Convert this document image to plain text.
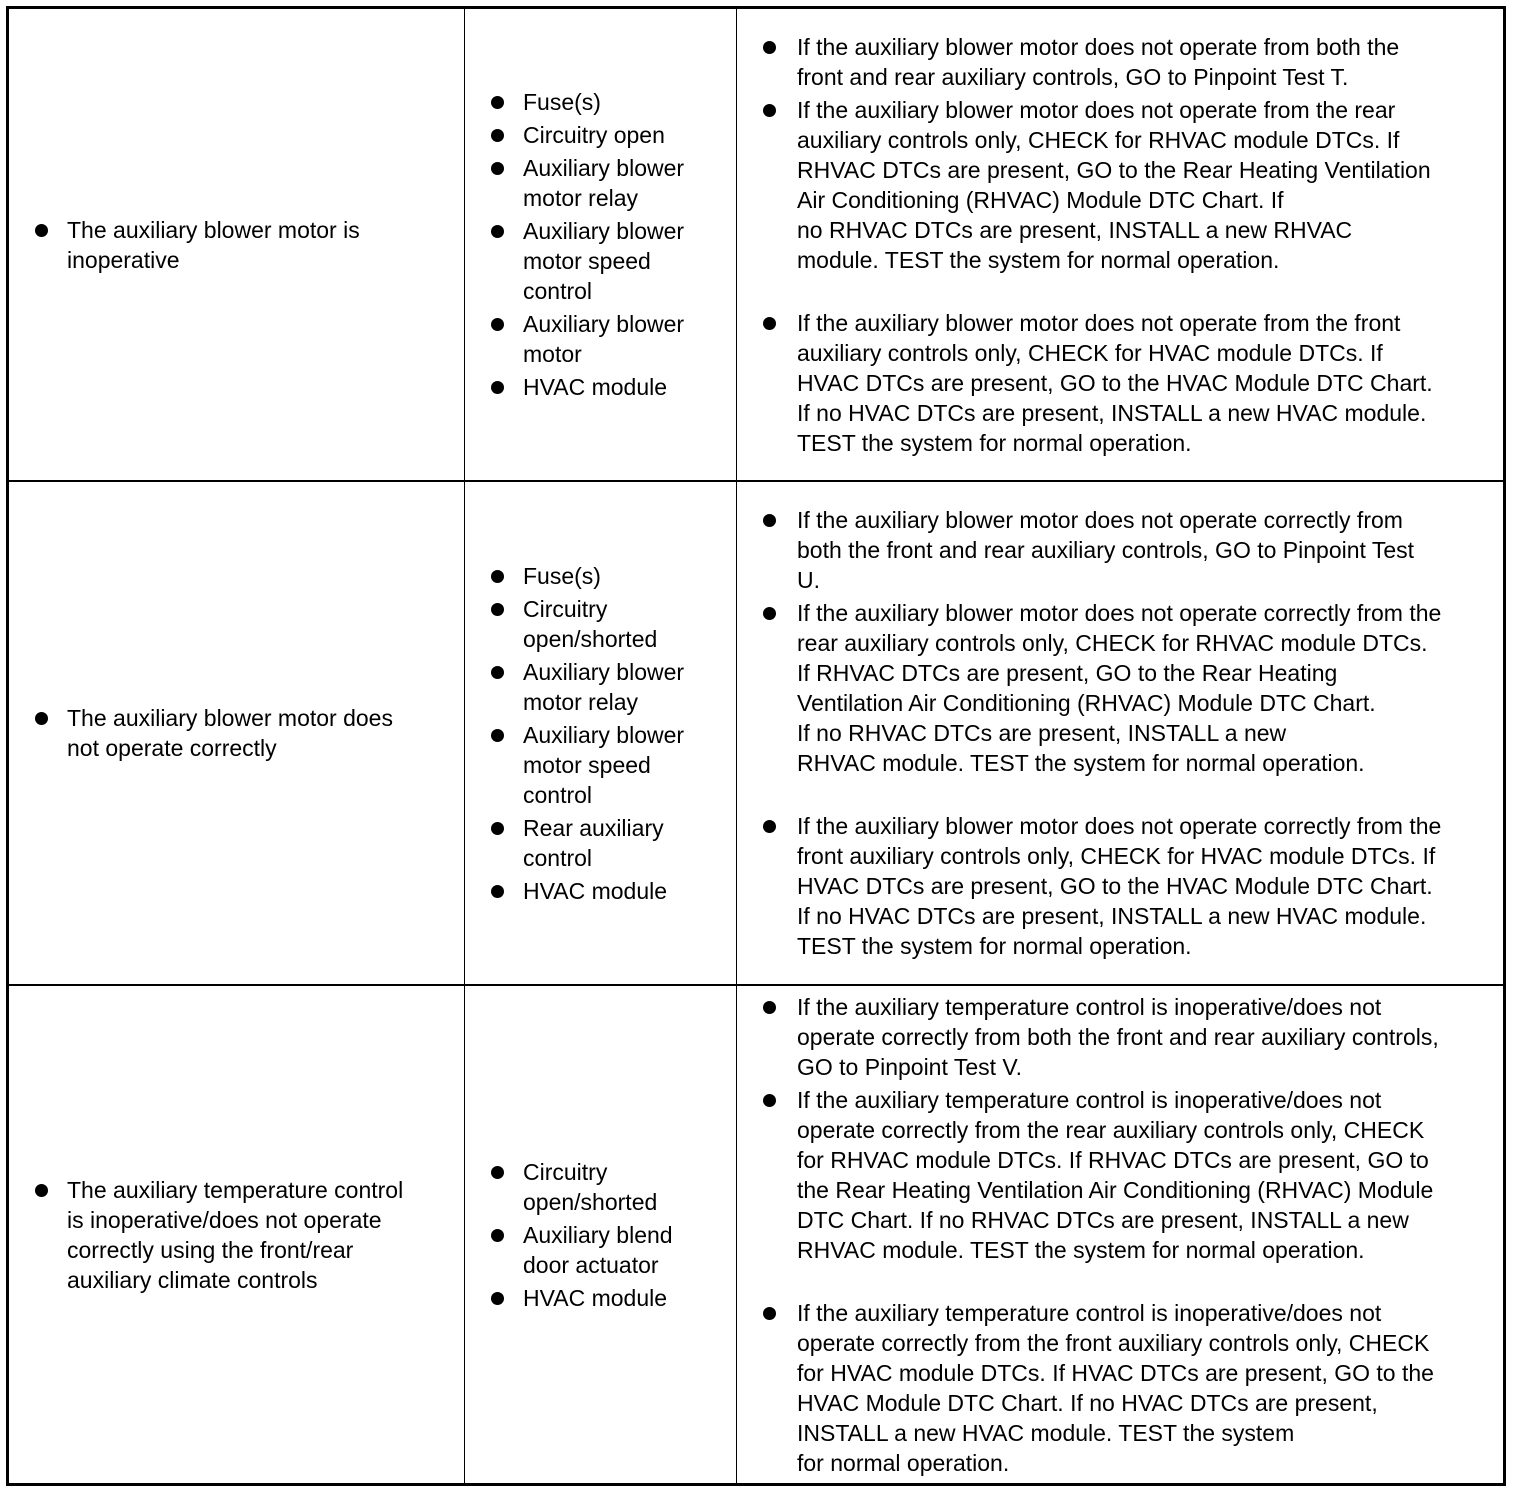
The auxiliary blower motor is
inoperative
Fuse(s)
Circuitry open
Auxiliary blower
motor relay
Auxiliary blower
motor speed
control
Auxiliary blower
motor
HVAC module
If the auxiliary blower motor does not operate from both the
front and rear auxiliary controls, GO to Pinpoint Test T.
If the auxiliary blower motor does not operate from the rear
auxiliary controls only, CHECK for RHVAC module DTCs. If
RHVAC DTCs are present, GO to the Rear Heating Ventilation
Air Conditioning (RHVAC) Module DTC Chart. If
no RHVAC DTCs are present, INSTALL a new RHVAC
module. TEST the system for normal operation.
If the auxiliary blower motor does not operate from the front
auxiliary controls only, CHECK for HVAC module DTCs. If
HVAC DTCs are present, GO to the HVAC Module DTC Chart.
If no HVAC DTCs are present, INSTALL a new HVAC module.
TEST the system for normal operation.
The auxiliary blower motor does
not operate correctly
Fuse(s)
Circuitry
open/shorted
Auxiliary blower
motor relay
Auxiliary blower
motor speed
control
Rear auxiliary
control
HVAC module
If the auxiliary blower motor does not operate correctly from
both the front and rear auxiliary controls, GO to Pinpoint Test
U.
If the auxiliary blower motor does not operate correctly from the
rear auxiliary controls only, CHECK for RHVAC module DTCs.
If RHVAC DTCs are present, GO to the Rear Heating
Ventilation Air Conditioning (RHVAC) Module DTC Chart.
If no RHVAC DTCs are present, INSTALL a new
RHVAC module. TEST the system for normal operation.
If the auxiliary blower motor does not operate correctly from the
front auxiliary controls only, CHECK for HVAC module DTCs. If
HVAC DTCs are present, GO to the HVAC Module DTC Chart.
If no HVAC DTCs are present, INSTALL a new HVAC module.
TEST the system for normal operation.
The auxiliary temperature control
is inoperative/does not operate
correctly using the front/rear
auxiliary climate controls
Circuitry
open/shorted
Auxiliary blend
door actuator
HVAC module
If the auxiliary temperature control is inoperative/does not
operate correctly from both the front and rear auxiliary controls,
GO to Pinpoint Test V.
If the auxiliary temperature control is inoperative/does not
operate correctly from the rear auxiliary controls only, CHECK
for RHVAC module DTCs. If RHVAC DTCs are present, GO to
the Rear Heating Ventilation Air Conditioning (RHVAC) Module
DTC Chart. If no RHVAC DTCs are present, INSTALL a new
RHVAC module. TEST the system for normal operation.
If the auxiliary temperature control is inoperative/does not
operate correctly from the front auxiliary controls only, CHECK
for HVAC module DTCs. If HVAC DTCs are present, GO to the
HVAC Module DTC Chart. If no HVAC DTCs are present,
INSTALL a new HVAC module. TEST the system
for normal operation.
